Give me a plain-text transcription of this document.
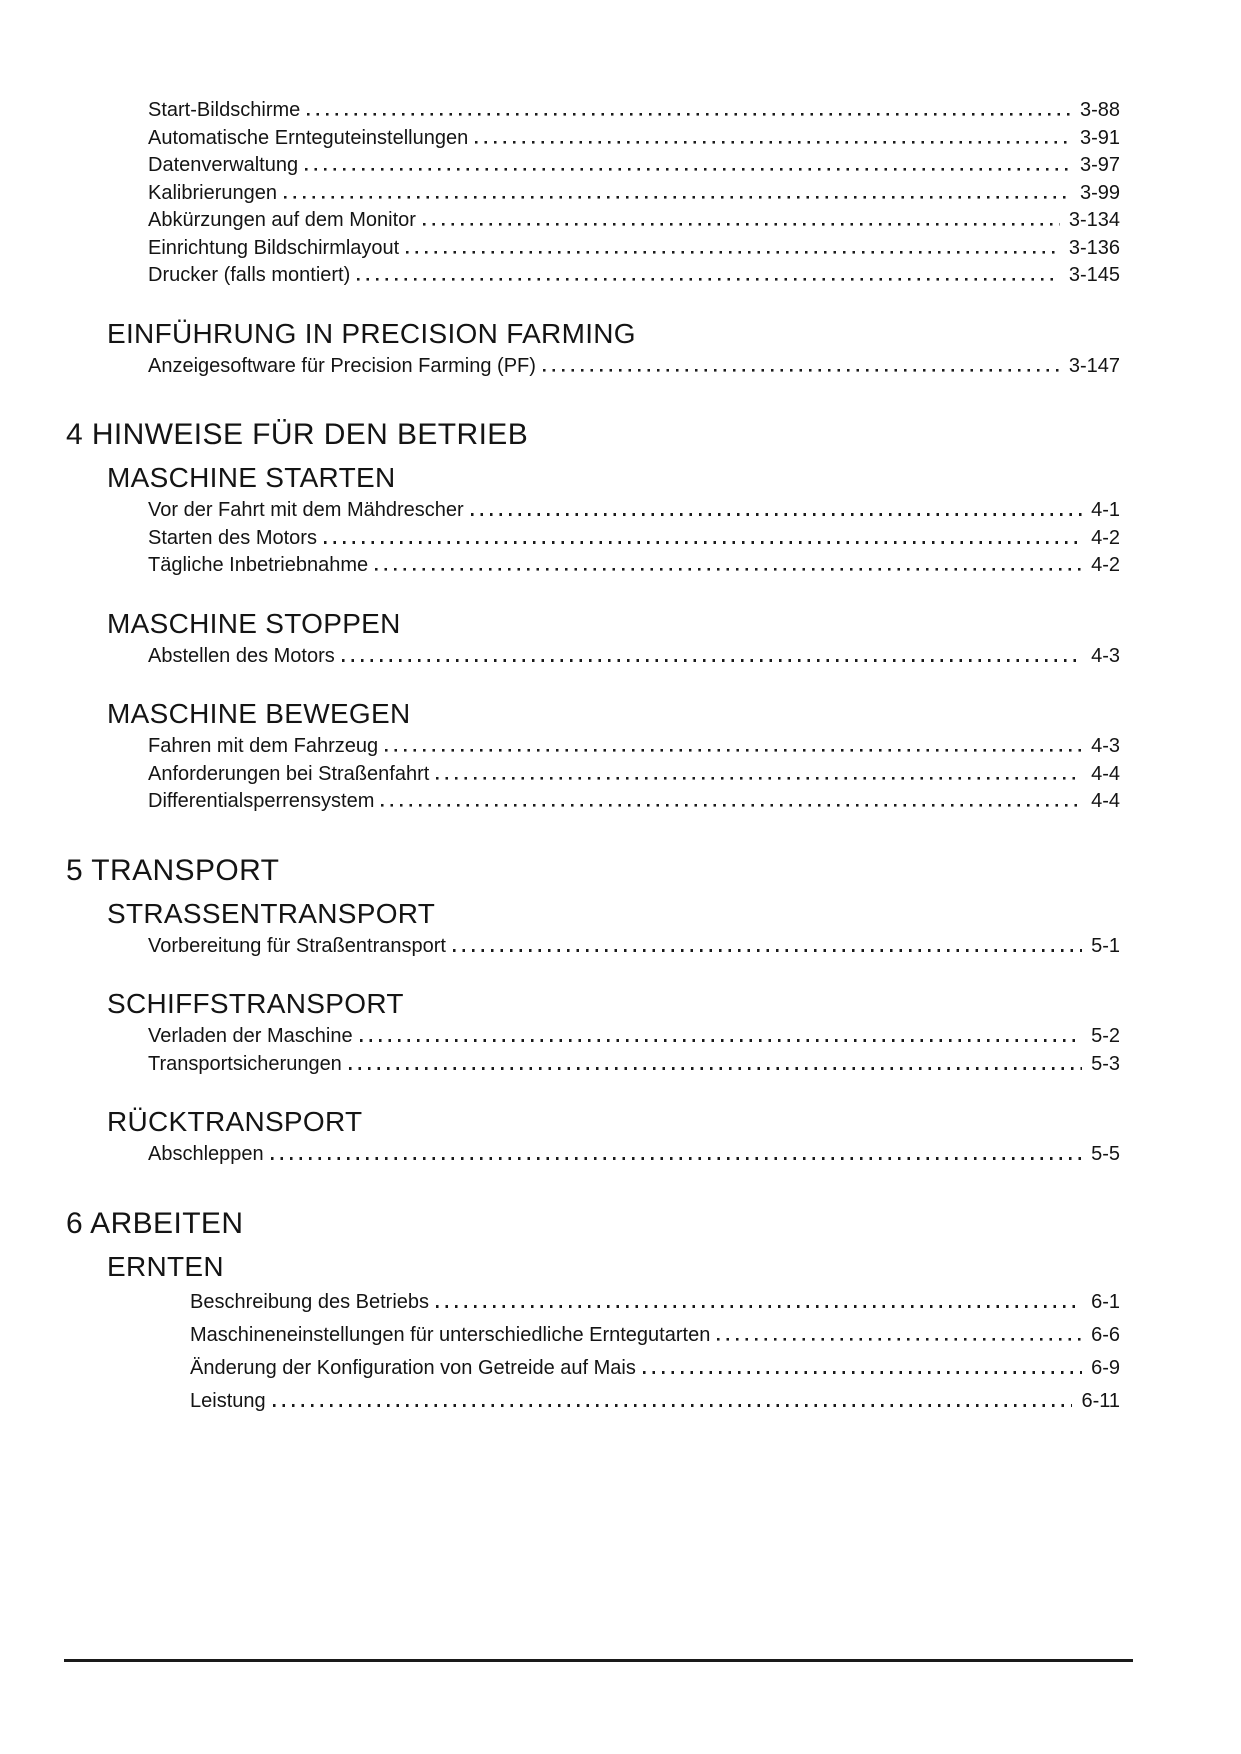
Start-Bildschirme	3-88
Automatische Ernteguteinstellungen	3-91
Datenverwaltung	3-97
Kalibrierungen	3-99
Abkürzungen auf dem Monitor	3-134
Einrichtung Bildschirmlayout	3-136
Drucker (falls montiert)	3-145
EINFÜHRUNG IN PRECISION FARMING
Anzeigesoftware für Precision Farming (PF)	3-147
4 HINWEISE FÜR DEN BETRIEB
MASCHINE STARTEN
Vor der Fahrt mit dem Mähdrescher	4-1
Starten des Motors	4-2
Tägliche Inbetriebnahme	4-2
MASCHINE STOPPEN
Abstellen des Motors	4-3
MASCHINE BEWEGEN
Fahren mit dem Fahrzeug	4-3
Anforderungen bei Straßenfahrt	4-4
Differentialsperrensystem	4-4
5 TRANSPORT
STRASSENTRANSPORT
Vorbereitung für Straßentransport	5-1
SCHIFFSTRANSPORT
Verladen der Maschine	5-2
Transportsicherungen	5-3
RÜCKTRANSPORT
Abschleppen	5-5
6 ARBEITEN
ERNTEN
Beschreibung des Betriebs	6-1
Maschineneinstellungen für unterschiedliche Erntegutarten	6-6
Änderung der Konfiguration von Getreide auf Mais	6-9
Leistung	6-11
